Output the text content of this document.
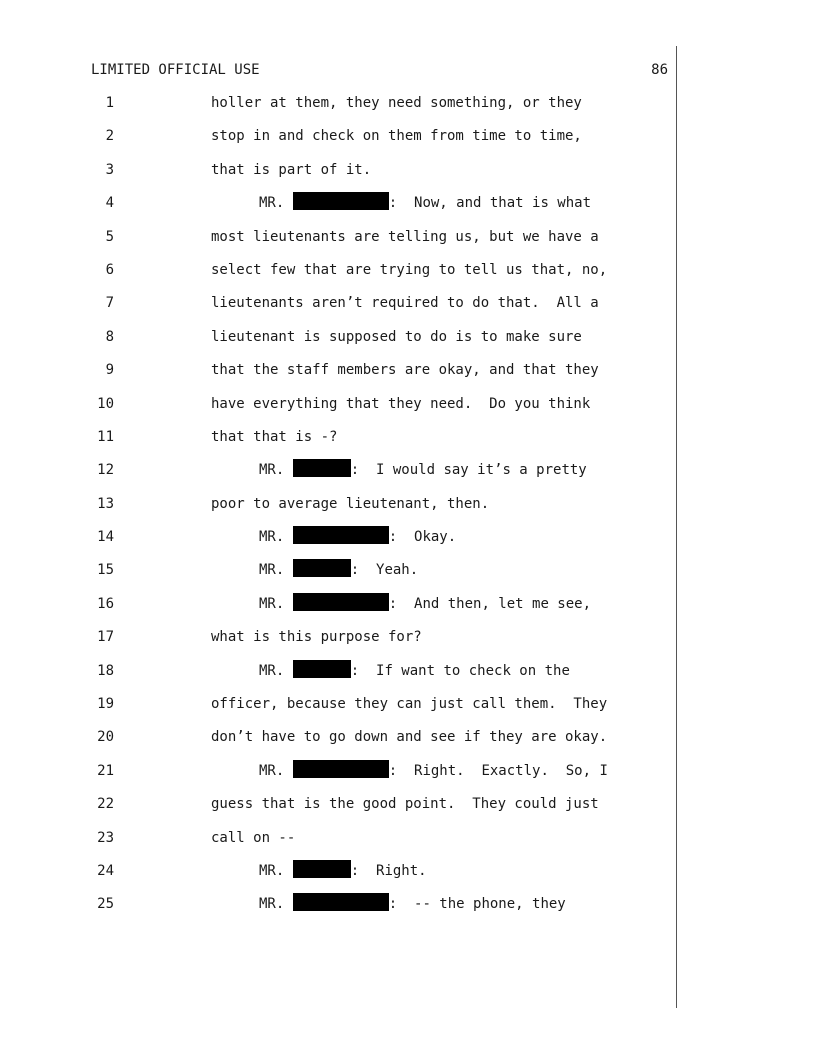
LIMITED OFFICIAL USE	86
1	holler at them, they need something, or they
2	stop in and check on them from time to time,
3	that is part of it.
4	MR.	:  Now, and that is what
5	most lieutenants are telling us, but we have a
6	select few that are trying to tell us that, no,
7	lieutenants aren’t required to do that.  All a
8	lieutenant is supposed to do is to make sure
9	that the staff members are okay, and that they
10	have everything that they need.  Do you think
11	that that is -?
12	MR.	:  I would say it’s a pretty
13	poor to average lieutenant, then.
14	MR.	:  Okay.
15	MR.	:  Yeah.
16	MR.	:  And then, let me see,
17	what is this purpose for?
18	MR.	:  If want to check on the
19	officer, because they can just call them.  They
20	don’t have to go down and see if they are okay.
21	MR.	:  Right.  Exactly.  So, I
22	guess that is the good point.  They could just
23	call on --
24	MR.	:  Right.
25	MR.	:  -- the phone, they
